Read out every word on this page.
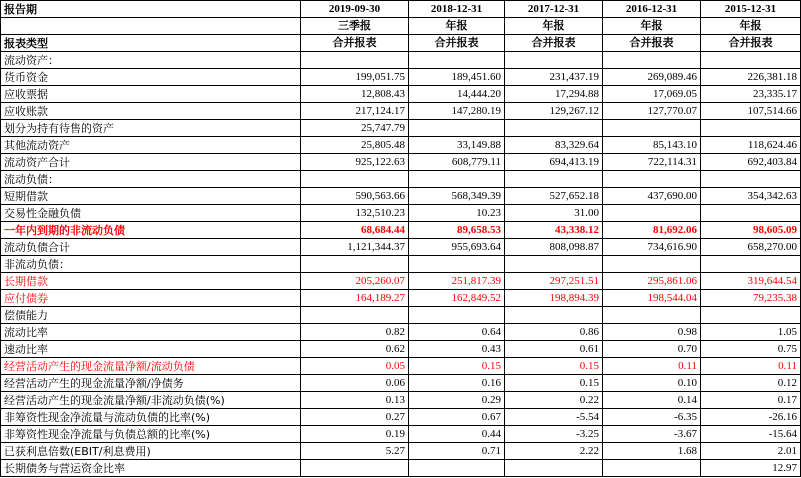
报告期	2019-09-30	2018-12-31	2017-12-31	2016-12-31	2015-12-31
	三季报	年报	年报	年报	年报
报表类型	合并报表	合并报表	合并报表	合并报表	合并报表
流动资产：					
货币资金	199,051.75	189,451.60	231,437.19	269,089.46	226,381.18
应收票据	12,808.43	14,444.20	17,294.88	17,069.05	23,335.17
应收账款	217,124.17	147,280.19	129,267.12	127,770.07	107,514.66
划分为持有待售的资产	25,747.79				
其他流动资产	25,805.48	33,149.88	83,329.64	85,143.10	118,624.46
流动资产合计	925,122.63	608,779.11	694,413.19	722,114.31	692,403.84
流动负债：					
短期借款	590,563.66	568,349.39	527,652.18	437,690.00	354,342.63
交易性金融负债	132,510.23	10.23	31.00		
一年内到期的非流动负债	68,684.44	89,658.53	43,338.12	81,692.06	98,605.09
流动负债合计	1,121,344.37	955,693.64	808,098.87	734,616.90	658,270.00
非流动负债：					
长期借款	205,260.07	251,817.39	297,251.51	295,861.06	319,644.54
应付债券	164,189.27	162,849.52	198,894.39	198,544.04	79,235.38
偿债能力					
流动比率	0.82	0.64	0.86	0.98	1.05
速动比率	0.62	0.43	0.61	0.70	0.75
经营活动产生的现金流量净额/流动负债	0.05	0.15	0.15	0.11	0.11
经营活动产生的现金流量净额/净债务	0.06	0.16	0.15	0.10	0.12
经营活动产生的现金流量净额/非流动负债(%)	0.13	0.29	0.22	0.14	0.17
非筹资性现金净流量与流动负债的比率(%)	0.27	0.67	-5.54	-6.35	-26.16
非筹资性现金净流量与负债总额的比率(%)	0.19	0.44	-3.25	-3.67	-15.64
已获利息倍数(EBIT/利息费用)	5.27	0.71	2.22	1.68	2.01
长期债务与营运资金比率					12.97
